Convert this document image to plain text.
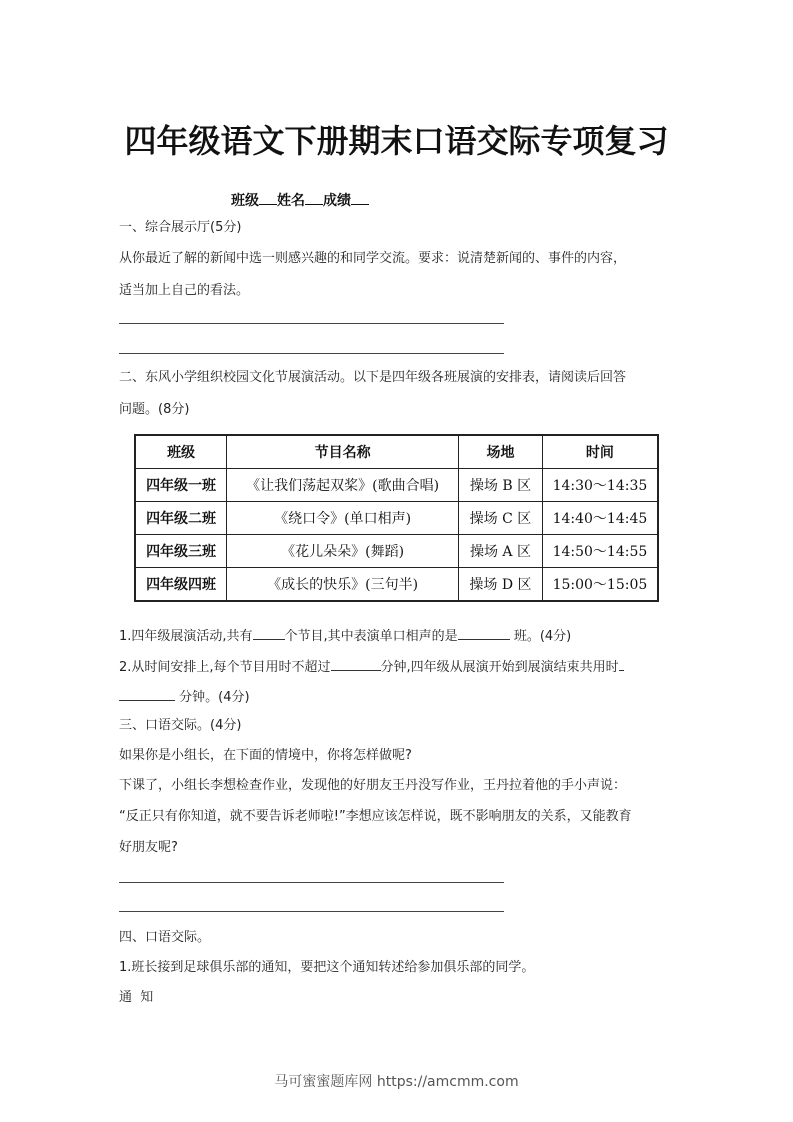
四年级语文下册期末口语交际专项复习
班级 姓名 成绩
一、综合展示厅(5分)
从你最近了解的新闻中选一则感兴趣的和同学交流。要求：说清楚新闻的、事件的内容，
适当加上自己的看法。
二、东风小学组织校园文化节展演活动。以下是四年级各班展演的安排表，请阅读后回答
问题。(8分)
班级	节目名称	场地	时间
四年级一班	《让我们荡起双桨》(歌曲合唱)	操场 B 区	14:30～14:35
四年级二班	《绕口令》(单口相声)	操场 C 区	14:40～14:45
四年级三班	《花儿朵朵》(舞蹈)	操场 A 区	14:50～14:55
四年级四班	《成长的快乐》(三句半)	操场 D 区	15:00～15:05
1.四年级展演活动,共有 个节目,其中表演单口相声的是	班。(4分)
2.从时间安排上,每个节目用时不超过	分钟,四年级从展演开始到展演结束共用时
分钟。(4分)
三、口语交际。(4分)
如果你是小组长，在下面的情境中，你将怎样做呢?
下课了，小组长李想检查作业，发现他的好朋友王丹没写作业，王丹拉着他的手小声说：
“反正只有你知道，就不要告诉老师啦!”李想应该怎样说，既不影响朋友的关系，又能教育
好朋友呢?
四、口语交际。
1.班长接到足球俱乐部的通知，要把这个通知转述给参加俱乐部的同学。
通  知
马可蜜蜜题库网 https://amcmm.com
